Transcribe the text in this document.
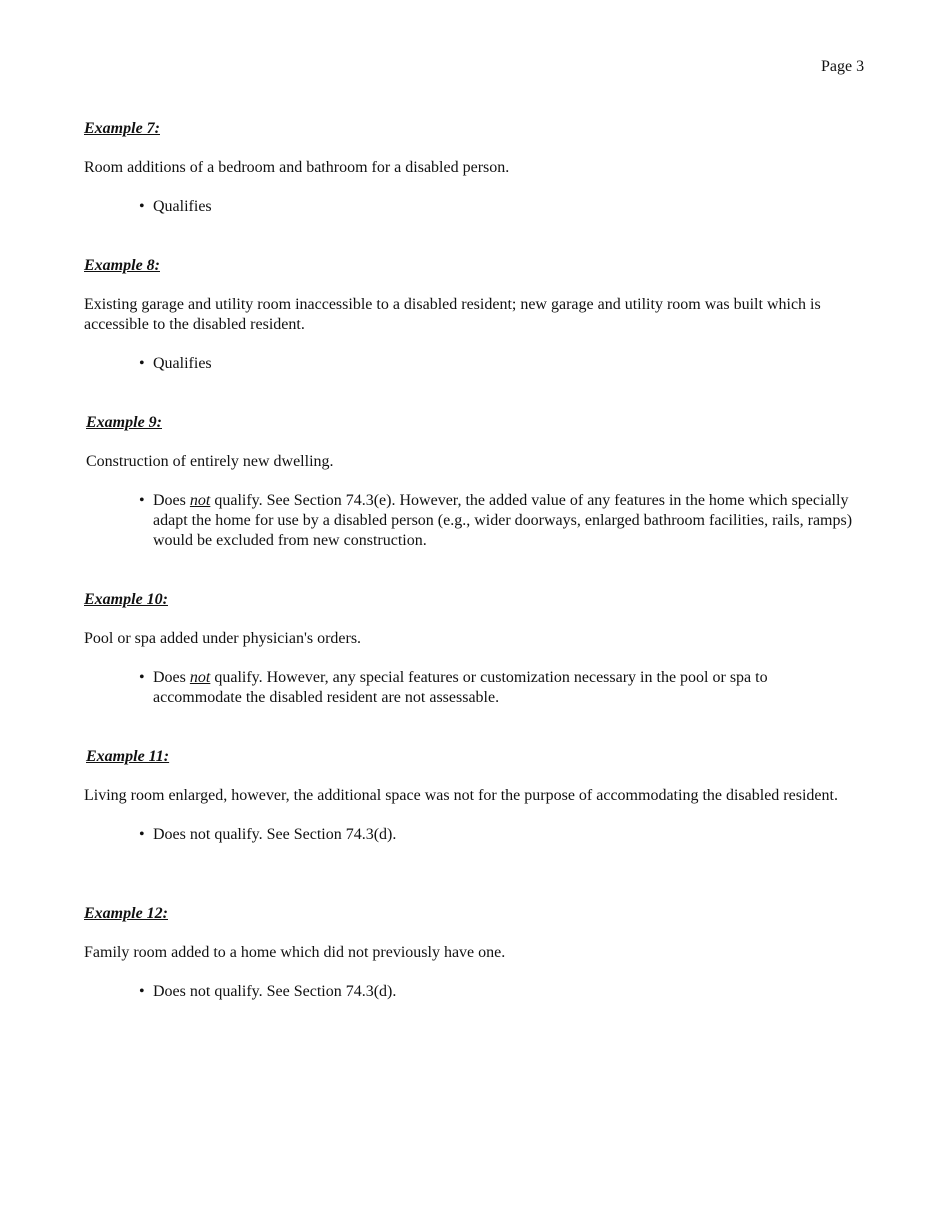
Page 3

Example 7:

Room additions of a bedroom and bathroom for a disabled person.

• Qualifies

Example 8:

Existing garage and utility room inaccessible to a disabled resident; new garage and utility room was built which is accessible to the disabled resident.

• Qualifies

Example 9:

Construction of entirely new dwelling.

• Does not qualify. See Section 74.3(e). However, the added value of any features in the home which specially adapt the home for use by a disabled person (e.g., wider doorways, enlarged bathroom facilities, rails, ramps) would be excluded from new construction.

Example 10:

Pool or spa added under physician's orders.

• Does not qualify. However, any special features or customization necessary in the pool or spa to accommodate the disabled resident are not assessable.

Example 11:

Living room enlarged, however, the additional space was not for the purpose of accommodating the disabled resident.

• Does not qualify. See Section 74.3(d).

Example 12:

Family room added to a home which did not previously have one.

• Does not qualify. See Section 74.3(d).
